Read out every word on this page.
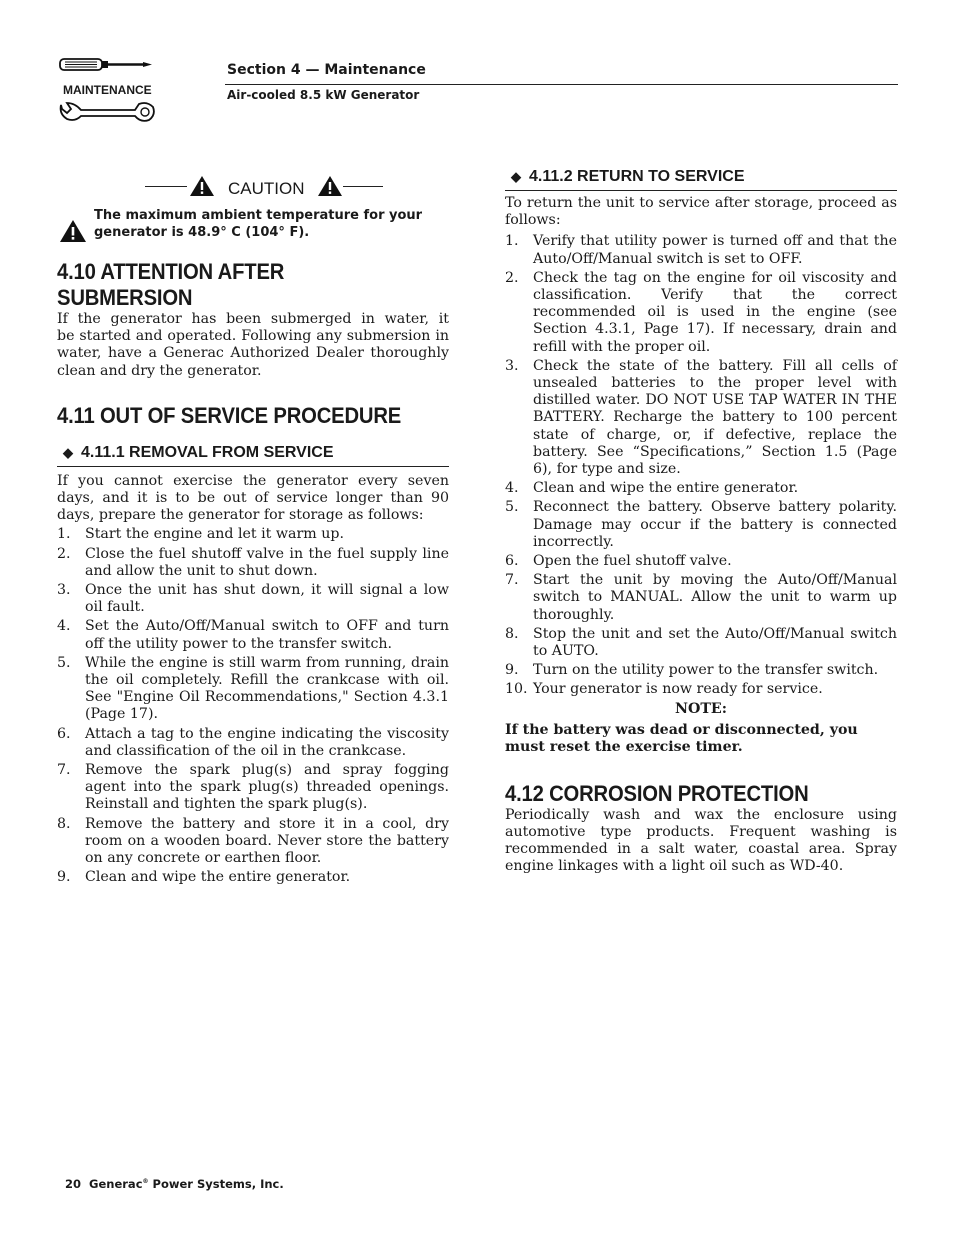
MAINTENANCE
Section 4 — Maintenance
Air-cooled 8.5 kW Generator
CAUTION
The maximum ambient temperature for your generator is 48.9° C (104° F).
4.10 ATTENTION AFTER SUBMERSION

If the generator has been submerged in water, it                       be started and operated. Following any submersion in water, have a Generac Authorized Dealer thoroughly clean and dry the generator.

4.11 OUT OF SERVICE PROCEDURE
◆ 4.11.1 REMOVAL FROM SERVICE

If you cannot exercise the generator every seven days, and it is to be out of service longer than 90 days, prepare the generator for storage as follows:

1. Start the engine and let it warm up.
2. Close the fuel shutoff valve in the fuel supply line and allow the unit to shut down.
3. Once the unit has shut down, it will signal a low oil fault.
4. Set the Auto/Off/Manual switch to OFF and turn off the utility power to the transfer switch.
5. While the engine is still warm from running, drain the oil completely. Refill the crankcase with oil. See "Engine Oil Recommendations," Section 4.3.1 (Page 17).
6. Attach a tag to the engine indicating the viscosity and classification of the oil in the crankcase.
7. Remove the spark plug(s) and spray fogging agent into the spark plug(s) threaded openings. Reinstall and tighten the spark plug(s).
8. Remove the battery and store it in a cool, dry room on a wooden board. Never store the battery on any concrete or earthen floor.
9. Clean and wipe the entire generator.
◆ 4.11.2 RETURN TO SERVICE

To return the unit to service after storage, proceed as follows:

1. Verify that utility power is turned off and that the Auto/Off/Manual switch is set to OFF.
2. Check the tag on the engine for oil viscosity and classification. Verify that the correct recommended oil is used in the engine (see Section 4.3.1, Page 17). If necessary, drain and refill with the proper oil.
3. Check the state of the battery. Fill all cells of unsealed batteries to the proper level with distilled water. DO NOT USE TAP WATER IN THE BATTERY. Recharge the battery to 100 percent state of charge, or, if defective, replace the battery. See “Specifications,” Section 1.5 (Page 6), for type and size.
4. Clean and wipe the entire generator.
5. Reconnect the battery. Observe battery polarity. Damage may occur if the battery is connected incorrectly.
6. Open the fuel shutoff valve.
7. Start the unit by moving the Auto/Off/Manual switch to MANUAL. Allow the unit to warm up thoroughly.
8. Stop the unit and set the Auto/Off/Manual switch to AUTO.
9. Turn on the utility power to the transfer switch.
10. Your generator is now ready for service.
NOTE:

If the battery was dead or disconnected, you must reset the exercise timer.

4.12 CORROSION PROTECTION

Periodically wash and wax the enclosure using automotive type products. Frequent washing is recommended in a salt water, coastal area. Spray engine linkages with a light oil such as WD-40.

20 Generac® Power Systems, Inc.
